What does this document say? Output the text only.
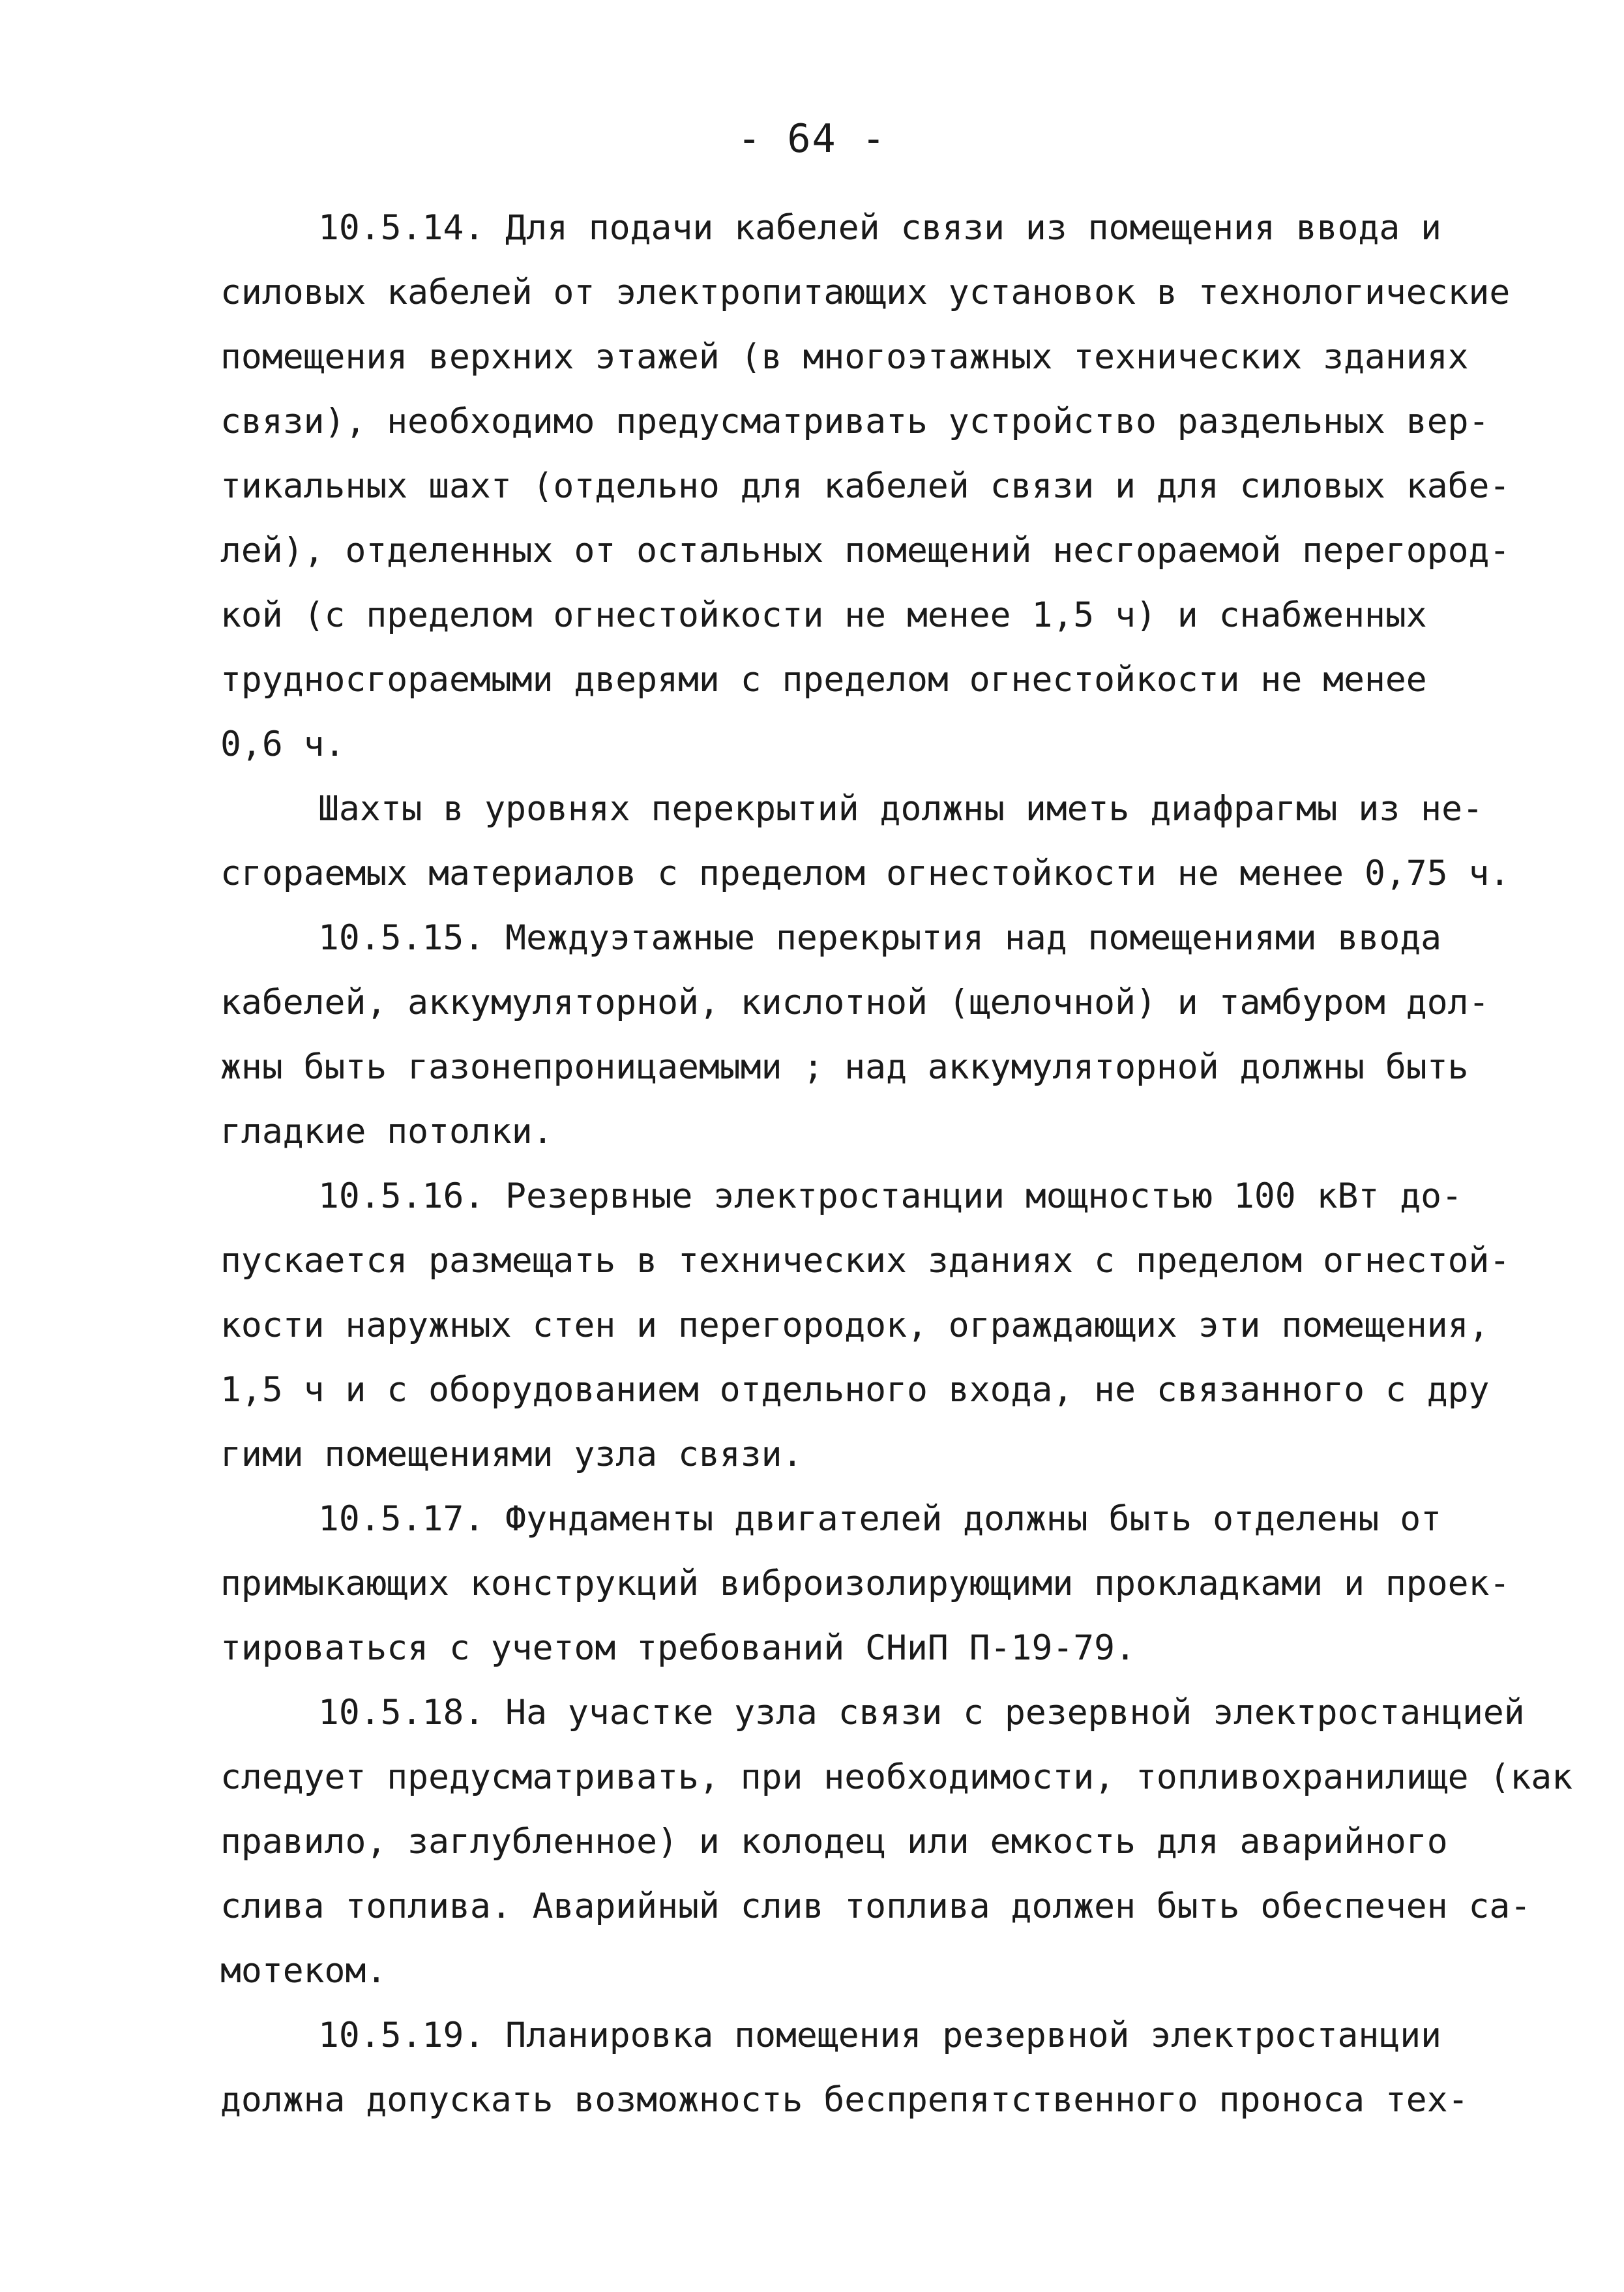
- 64 -
10.5.14. Для подачи кабелей связи из помещения ввода и
силовых кабелей от электропитающих установок в технологические
помещения верхних этажей (в многоэтажных технических зданиях
связи), необходимо предусматривать устройство раздельных вер-
тикальных шахт (отдельно для кабелей связи и для силовых кабе-
лей), отделенных от остальных помещений несгораемой перегород-
кой (с пределом огнестойкости не менее 1,5 ч) и снабженных
трудносгораемыми дверями с пределом огнестойкости не менее
0,6 ч.
Шахты в уровнях перекрытий должны иметь диафрагмы из не-
сгораемых материалов с пределом огнестойкости не менее 0,75 ч.
10.5.15. Междуэтажные перекрытия над помещениями ввода
кабелей, аккумуляторной, кислотной (щелочной) и тамбуром дол-
жны быть газонепроницаемыми ; над аккумуляторной должны быть
гладкие потолки.
10.5.16. Резервные электростанции мощностью 100 кВт до-
пускается размещать в технических зданиях с пределом огнестой-
кости наружных стен и перегородок, ограждающих эти помещения,
1,5 ч и с оборудованием отдельного входа, не связанного с дру
гими помещениями узла связи.
10.5.17. Фундаменты двигателей должны быть отделены от
примыкающих конструкций виброизолирующими прокладками и проек-
тироваться с учетом требований СНиП П-19-79.
10.5.18. На участке узла связи с резервной электростанцией
следует предусматривать, при необходимости, топливохранилище (как
правило, заглубленное) и колодец или емкость для аварийного
слива топлива. Аварийный слив топлива должен быть обеспечен са-
мотеком.
10.5.19. Планировка помещения резервной электростанции
должна допускать возможность беспрепятственного проноса тех-
